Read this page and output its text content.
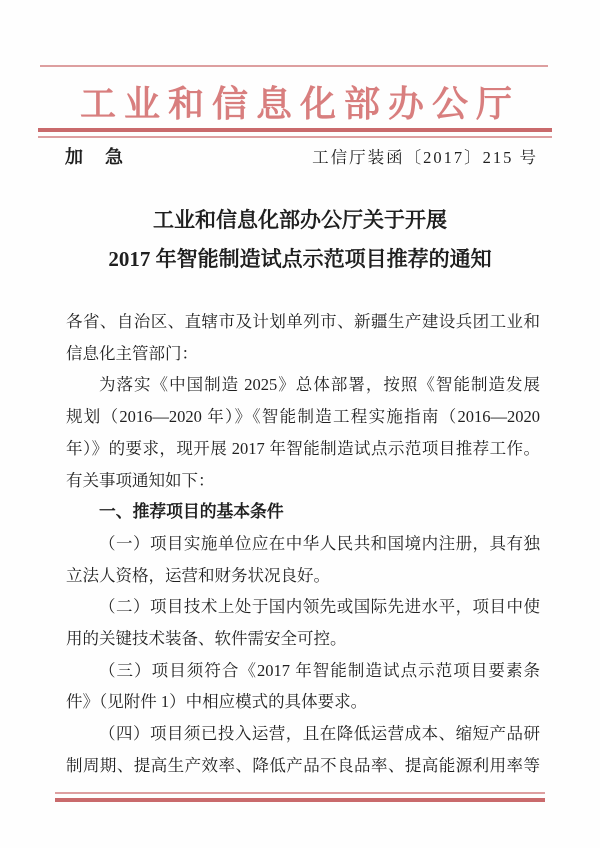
工业和信息化部办公厅
加　急	工信厅装函〔2017〕215 号
工业和信息化部办公厅关于开展
2017 年智能制造试点示范项目推荐的通知
各省、自治区、直辖市及计划单列市、新疆生产建设兵团工业和
信息化主管部门：
为落实《中国制造 2025》总体部署，按照《智能制造发展
规划（2016—2020 年）》《智能制造工程实施指南（2016—2020
年）》的要求，现开展 2017 年智能制造试点示范项目推荐工作。
有关事项通知如下：
一、推荐项目的基本条件
（一）项目实施单位应在中华人民共和国境内注册，具有独
立法人资格，运营和财务状况良好。
（二）项目技术上处于国内领先或国际先进水平，项目中使
用的关键技术装备、软件需安全可控。
（三）项目须符合《2017 年智能制造试点示范项目要素条
件》（见附件 1）中相应模式的具体要求。
（四）项目须已投入运营，且在降低运营成本、缩短产品研
制周期、提高生产效率、降低产品不良品率、提高能源利用率等
